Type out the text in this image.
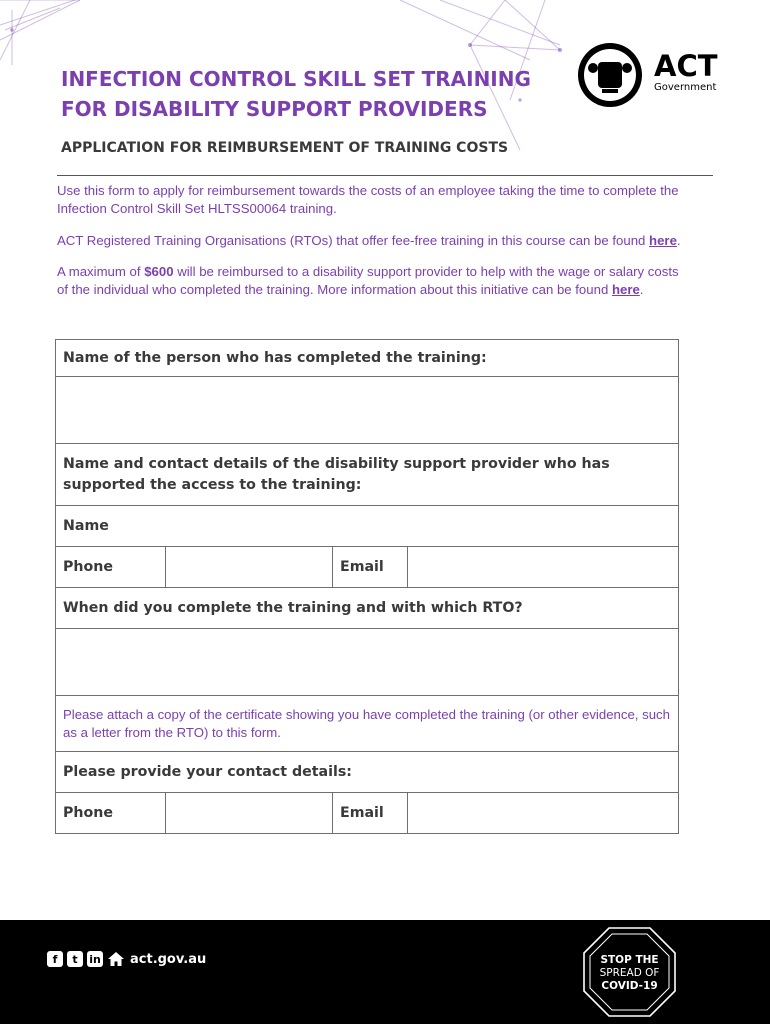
INFECTION CONTROL SKILL SET TRAINING
FOR DISABILITY SUPPORT PROVIDERS
ACT
Government
APPLICATION FOR REIMBURSEMENT OF TRAINING COSTS

Use this form to apply for reimbursement towards the costs of an employee taking the time to complete the Infection Control Skill Set HLTSS00064 training.

ACT Registered Training Organisations (RTOs) that offer fee-free training in this course can be found here.

A maximum of $600 will be reimbursed to a disability support provider to help with the wage or salary costs of the individual who completed the training. More information about this initiative can be found here.

Name of the person who has completed the training:			

Name and contact details of the disability support provider who has supported the access to the training:			
Name			
Phone		Email	
When did you complete the training and with which RTO?			

Please attach a copy of the certificate showing you have completed the training (or other evidence, such as a letter from the RTO) to this form.			
Please provide your contact details:			
Phone		Email	
f	t	in act.gov.au	STOP THE
SPREAD OF
COVID-19
